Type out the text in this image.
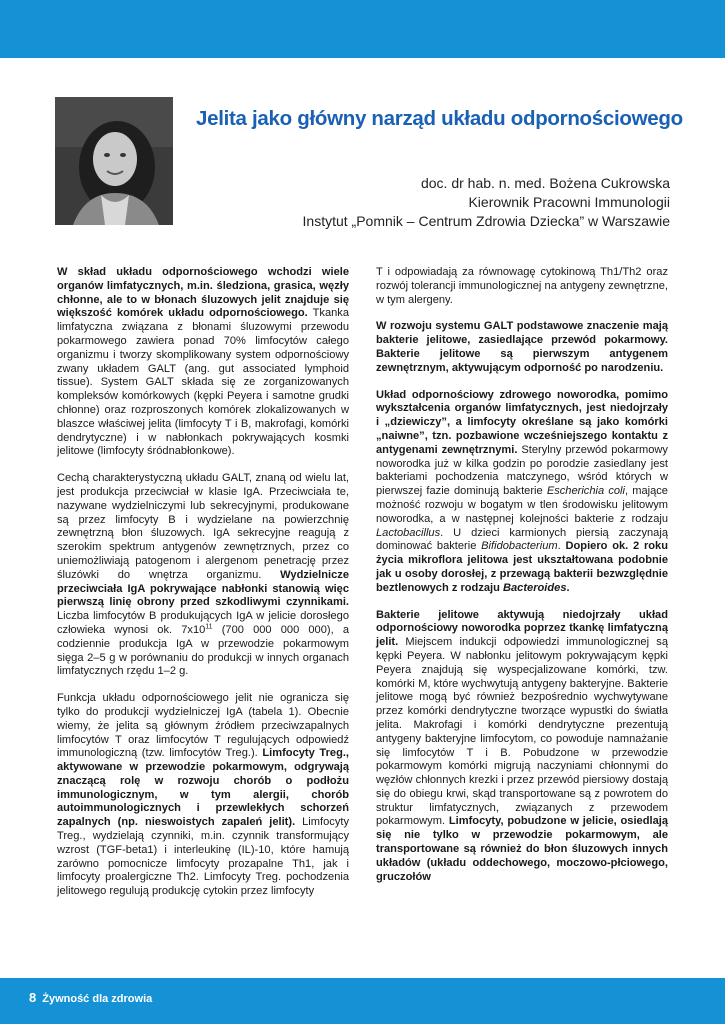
Jelita jako główny narząd układu odpornościowego
doc. dr hab. n. med. Bożena Cukrowska
Kierownik Pracowni Immunologii
Instytut „Pomnik – Centrum Zdrowia Dziecka” w Warszawie

W skład układu odpornościowego wchodzi wiele organów limfatycznych, m.in. śledziona, grasica, węzły chłonne, ale to w błonach śluzowych jelit znajduje się większość komórek układu odpornościowego. Tkanka limfatyczna związana z błonami śluzowymi przewodu pokarmowego zawiera ponad 70% limfocytów całego organizmu i tworzy skomplikowany system odpornościowy zwany układem GALT (ang. gut associated lymphoid tissue). System GALT składa się ze zorganizowanych kompleksów komórkowych (kępki Peyera i samotne grudki chłonne) oraz rozproszonych komórek zlokalizowanych w blaszce właściwej jelita (limfocyty T i B, makrofagi, komórki dendrytyczne) i w nabłonkach pokrywających kosmki jelitowe (limfocyty śródnabłonkowe).

Cechą charakterystyczną układu GALT, znaną od wielu lat, jest produkcja przeciwciał w klasie IgA. Przeciwciała te, nazywane wydzielniczymi lub sekrecyjnymi, produkowane są przez limfocyty B i wydzielane na powierzchnię zewnętrzną błon śluzowych. IgA sekrecyjne reagują z szerokim spektrum antygenów zewnętrznych, przez co uniemożliwiają patogenom i alergenom penetrację przez śluzówki do wnętrza organizmu. Wydzielnicze przeciwciała IgA pokrywające nabłonki stanowią więc pierwszą linię obrony przed szkodliwymi czynnikami. Liczba limfocytów B produkujących IgA w jelicie dorosłego człowieka wynosi ok. $7x10^{11}$ (700 000 000 000), a codziennie produkcja IgA w przewodzie pokarmowym sięga 2–5 g w porównaniu do produkcji w innych organach limfatycznych rzędu 1–2 g.

Funkcja układu odpornościowego jelit nie ogranicza się tylko do produkcji wydzielniczej IgA (tabela 1). Obecnie wiemy, że jelita są głównym źródłem przeciwzapalnych limfocytów T oraz limfocytów T regulujących odpowiedź immunologiczną (tzw. limfocytów Treg.). Limfocyty Treg., aktywowane w przewodzie pokarmowym, odgrywają znaczącą rolę w rozwoju chorób o podłożu immunologicznym, w tym alergii, chorób autoimmunologicznych i przewlekłych schorzeń zapalnych (np. nieswoistych zapaleń jelit). Limfocyty Treg., wydzielają czynniki, m.in. czynnik transformujący wzrost (TGF-beta1) i interleukinę (IL)-10, które hamują zarówno pomocnicze limfocyty prozapalne Th1, jak i limfocyty proalergiczne Th2. Limfocyty Treg. pochodzenia jelitowego regulują produkcję cytokin przez limfocyty

T i odpowiadają za równowagę cytokinową Th1/Th2 oraz rozwój tolerancji immunologicznej na antygeny zewnętrzne, w tym alergeny.

W rozwoju systemu GALT podstawowe znaczenie mają bakterie jelitowe, zasiedlające przewód pokarmowy. Bakterie jelitowe są pierwszym antygenem zewnętrznym, aktywującym odporność po narodzeniu.

Układ odpornościowy zdrowego noworodka, pomimo wykształcenia organów limfatycznych, jest niedojrzały i „dziewiczy”, a limfocyty określane są jako komórki „naiwne”, tzn. pozbawione wcześniejszego kontaktu z antygenami zewnętrznymi. Sterylny przewód pokarmowy noworodka już w kilka godzin po porodzie zasiedlany jest bakteriami pochodzenia matczynego, wśród których w pierwszej fazie dominują bakterie Escherichia coli, mające możność rozwoju w bogatym w tlen środowisku jelitowym noworodka, a w następnej kolejności bakterie z rodzaju Lactobacillus. U dzieci karmionych piersią zaczynają dominować bakterie Bifidobacterium. Dopiero ok. 2 roku życia mikroflora jelitowa jest ukształtowana podobnie jak u osoby dorosłej, z przewagą bakterii bezwzględnie beztlenowych z rodzaju Bacteroides.

Bakterie jelitowe aktywują niedojrzały układ odpornościowy noworodka poprzez tkankę limfatyczną jelit. Miejscem indukcji odpowiedzi immunologicznej są kępki Peyera. W nabłonku jelitowym pokrywającym kępki Peyera znajdują się wyspecjalizowane komórki, tzw. komórki M, które wychwytują antygeny bakteryjne. Bakterie jelitowe mogą być również bezpośrednio wychwytywane przez komórki dendrytyczne tworzące wypustki do światła jelita. Makrofagi i komórki dendrytyczne prezentują antygeny bakteryjne limfocytom, co powoduje namnażanie się limfocytów T i B. Pobudzone w przewodzie pokarmowym komórki migrują naczyniami chłonnymi do węzłów chłonnych krezki i przez przewód piersiowy dostają się do obiegu krwi, skąd transportowane są z powrotem do struktur limfatycznych, związanych z przewodem pokarmowym. Limfocyty, pobudzone w jelicie, osiedlają się nie tylko w przewodzie pokarmowym, ale transportowane są również do błon śluzowych innych układów (układu oddechowego, moczowo-płciowego, gruczołów

8 Żywność dla zdrowia
